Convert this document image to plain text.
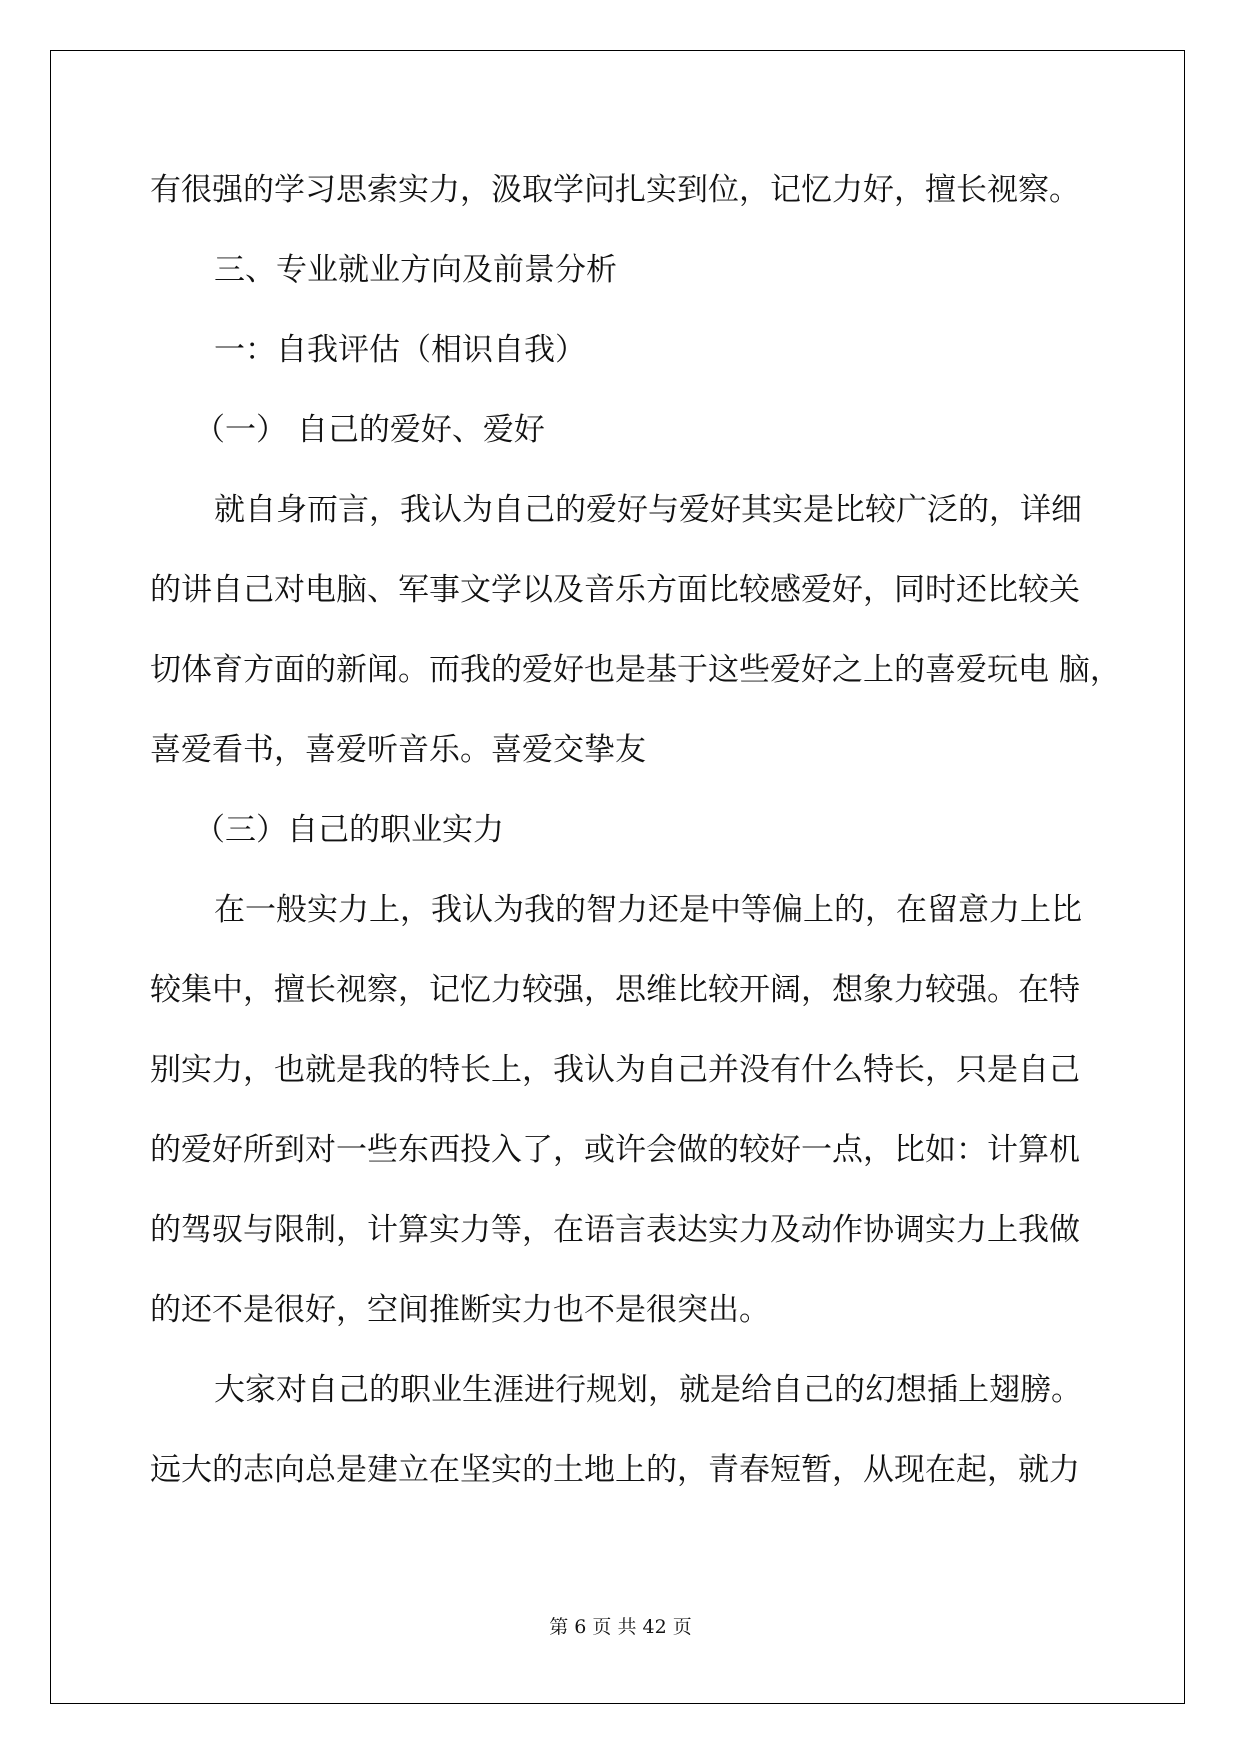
有很强的学习思索实力，汲取学问扎实到位，记忆力好，擅长视察。
三、专业就业方向及前景分析
一：自我评估（相识自我）
（一） 自己的爱好、爱好
就自身而言，我认为自己的爱好与爱好其实是比较广泛的，详细
的讲自己对电脑、军事文学以及音乐方面比较感爱好，同时还比较关
切体育方面的新闻。而我的爱好也是基于这些爱好之上的喜爱玩电 脑，
喜爱看书，喜爱听音乐。喜爱交挚友
（三）自己的职业实力
在一般实力上，我认为我的智力还是中等偏上的，在留意力上比
较集中，擅长视察，记忆力较强，思维比较开阔，想象力较强。在特
别实力，也就是我的特长上，我认为自己并没有什么特长，只是自己
的爱好所到对一些东西投入了，或许会做的较好一点，比如：计算机
的驾驭与限制，计算实力等，在语言表达实力及动作协调实力上我做
的还不是很好，空间推断实力也不是很突出。
大家对自己的职业生涯进行规划，就是给自己的幻想插上翅膀。
远大的志向总是建立在坚实的土地上的，青春短暂，从现在起，就力
第 6 页 共 42 页
